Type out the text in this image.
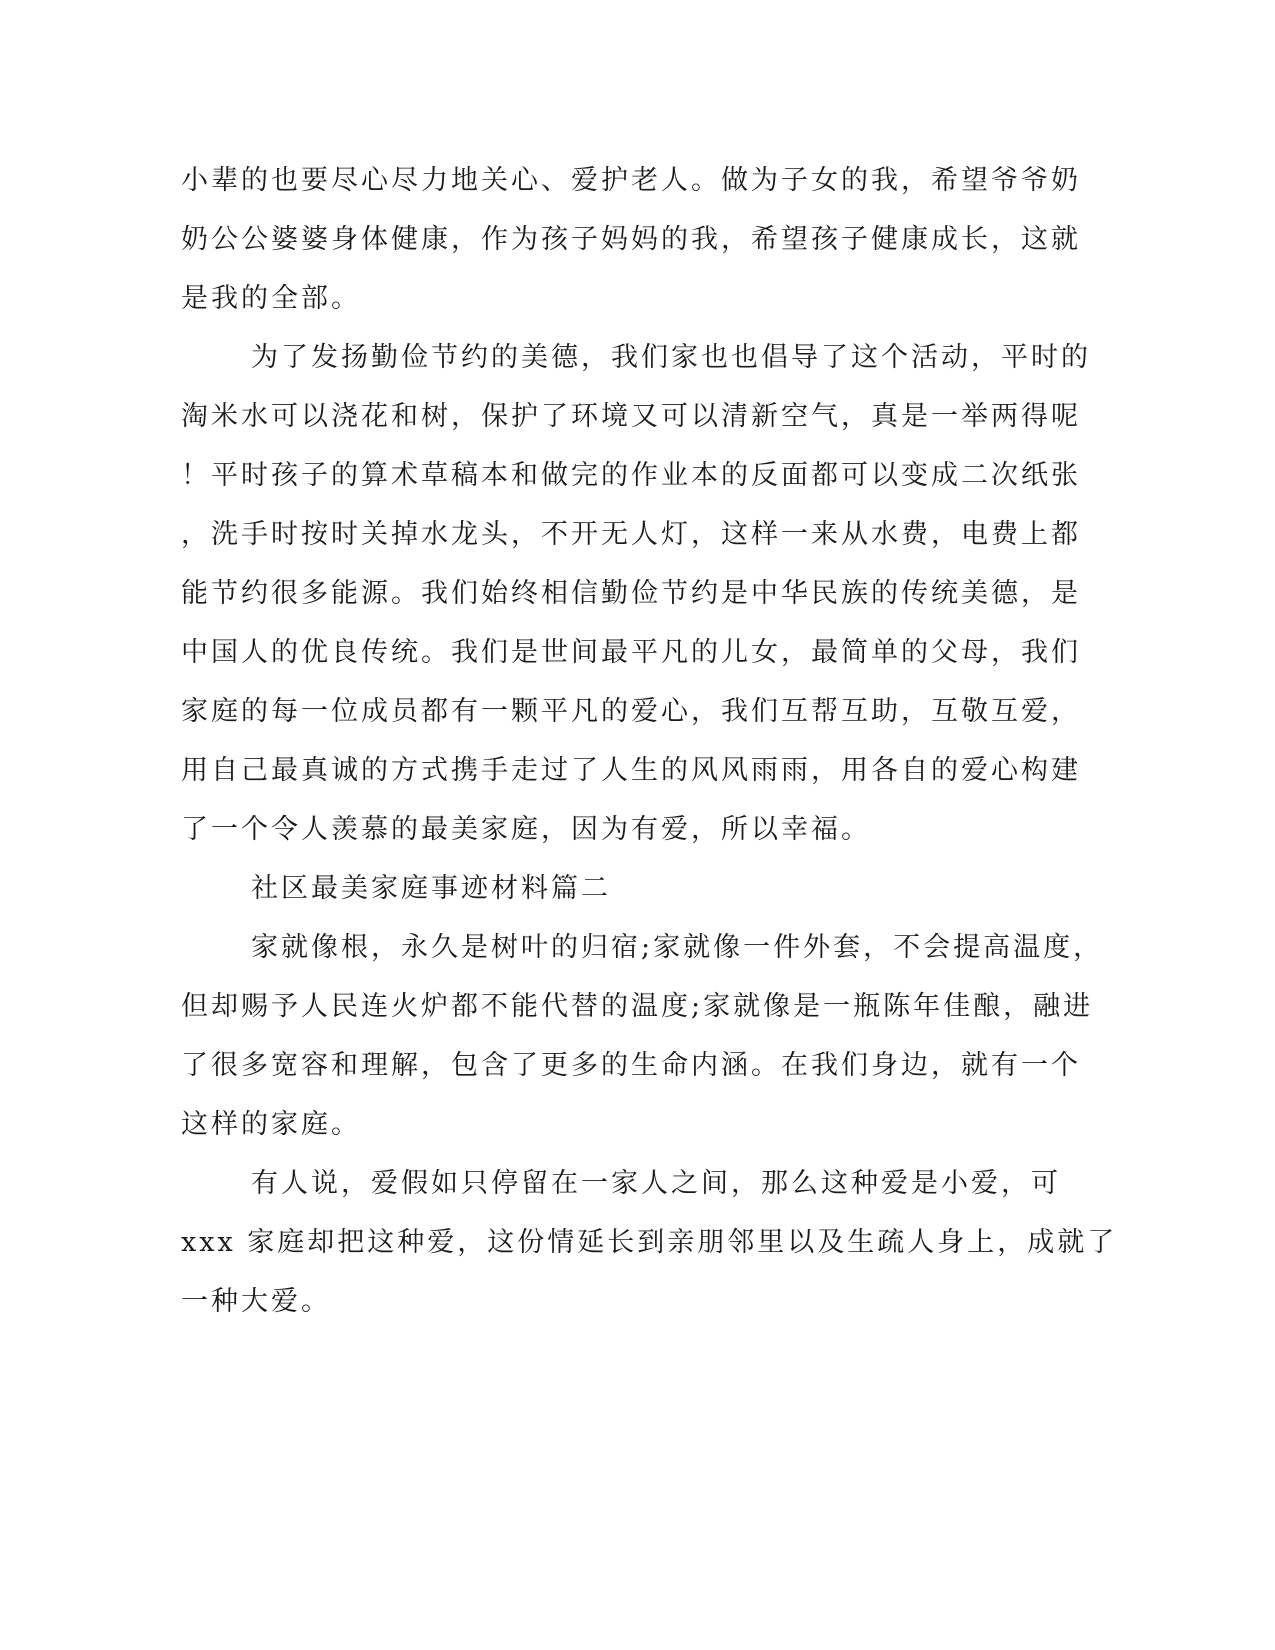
小辈的也要尽心尽力地关心、爱护老人。做为子女的我，希望爷爷奶

奶公公婆婆身体健康，作为孩子妈妈的我，希望孩子健康成长，这就

是我的全部。

为了发扬勤俭节约的美德，我们家也也倡导了这个活动，平时的

淘米水可以浇花和树，保护了环境又可以清新空气，真是一举两得呢

！平时孩子的算术草稿本和做完的作业本的反面都可以变成二次纸张

，洗手时按时关掉水龙头，不开无人灯，这样一来从水费，电费上都

能节约很多能源。我们始终相信勤俭节约是中华民族的传统美德，是

中国人的优良传统。我们是世间最平凡的儿女，最简单的父母，我们

家庭的每一位成员都有一颗平凡的爱心，我们互帮互助，互敬互爱，

用自己最真诚的方式携手走过了人生的风风雨雨，用各自的爱心构建

了一个令人羡慕的最美家庭，因为有爱，所以幸福。

社区最美家庭事迹材料篇二

家就像根，永久是树叶的归宿;家就像一件外套，不会提高温度，

但却赐予人民连火炉都不能代替的温度;家就像是一瓶陈年佳酿，融进

了很多宽容和理解，包含了更多的生命内涵。在我们身边，就有一个

这样的家庭。

有人说，爱假如只停留在一家人之间，那么这种爱是小爱，可

xxx 家庭却把这种爱，这份情延长到亲朋邻里以及生疏人身上，成就了

一种大爱。
